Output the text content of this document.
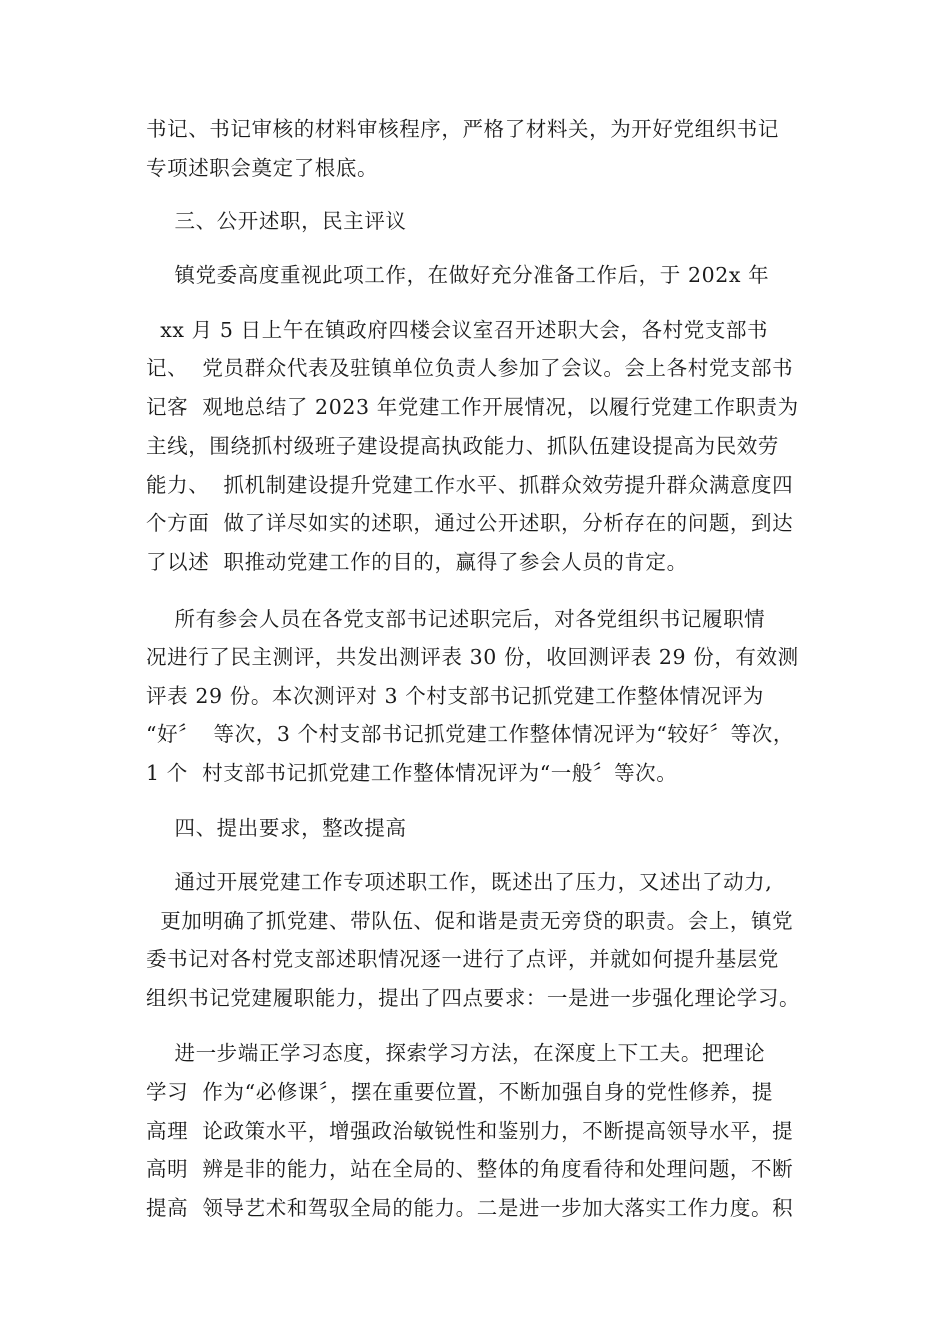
书记、书记审核的材料审核程序，严格了材料关，为开好党组织书记
专项述职会奠定了根底。
三、公开述职，民主评议
镇党委高度重视此项工作，在做好充分准备工作后，于 202x 年
xx 月 5 日上午在镇政府四楼会议室召开述职大会，各村党支部书
记、  党员群众代表及驻镇单位负责人参加了会议。会上各村党支部书
记客  观地总结了 2023 年党建工作开展情况，以履行党建工作职责为
主线，围绕抓村级班子建设提高执政能力、抓队伍建设提高为民效劳
能力、  抓机制建设提升党建工作水平、抓群众效劳提升群众满意度四
个方面  做了详尽如实的述职，通过公开述职，分析存在的问题，到达
了以述  职推动党建工作的目的，赢得了参会人员的肯定。
所有参会人员在各党支部书记述职完后，对各党组织书记履职情
况进行了民主测评，共发出测评表 30 份，收回测评表 29 份，有效测
评表 29 份。本次测评对 3 个村支部书记抓党建工作整体情况评为
“好〞  等次，3 个村支部书记抓党建工作整体情况评为“较好〞等次，
1 个  村支部书记抓党建工作整体情况评为“一般〞等次。
四、提出要求，整改提高
通过开展党建工作专项述职工作，既述出了压力，又述出了动力,
更加明确了抓党建、带队伍、促和谐是责无旁贷的职责。会上，镇党
委书记对各村党支部述职情况逐一进行了点评，并就如何提升基层党
组织书记党建履职能力，提出了四点要求：一是进一步强化理论学习。
进一步端正学习态度，探索学习方法，在深度上下工夫。把理论
学习  作为“必修课〞，摆在重要位置，不断加强自身的党性修养，提
高理  论政策水平，增强政治敏锐性和鉴别力，不断提高领导水平，提
高明  辨是非的能力，站在全局的、整体的角度看待和处理问题，不断
提高  领导艺术和驾驭全局的能力。二是进一步加大落实工作力度。积
